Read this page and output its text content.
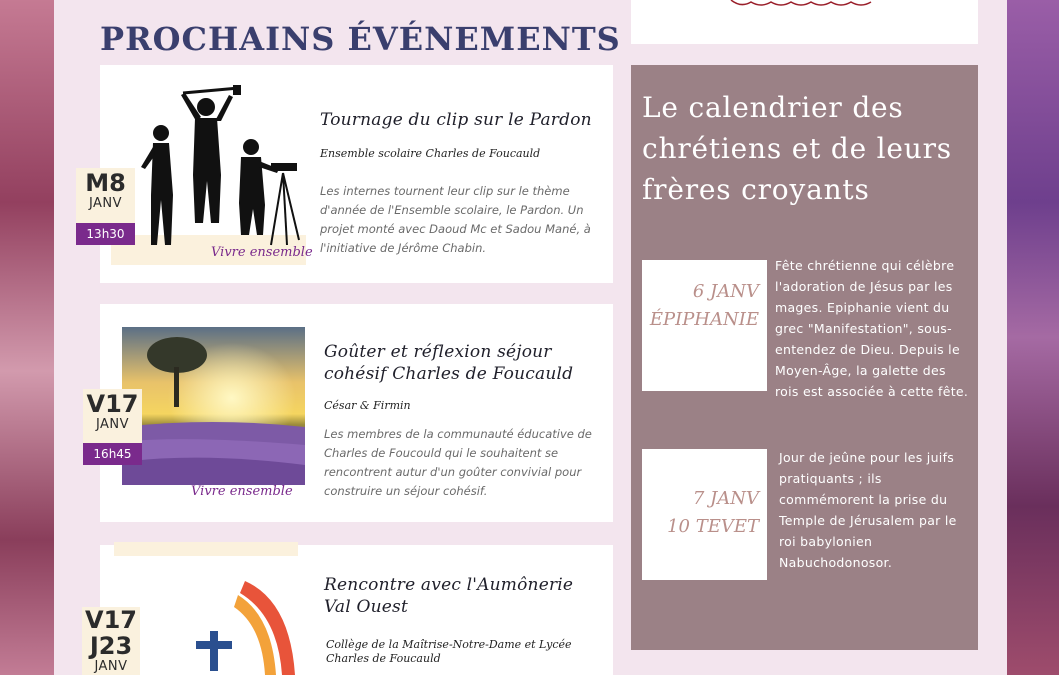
PROCHAINS ÉVÉNEMENTS
Vivre ensemble
Tournage du clip sur le Pardon
Ensemble scolaire Charles de Foucauld
Les internes tournent leur clip sur le thème d'année de l'Ensemble scolaire, le Pardon. Un projet monté avec Daoud Mc et Sadou Mané, à l'initiative de Jérôme Chabin.
M8
JANV
13h30
Vivre ensemble
Goûter et réflexion séjour cohésif Charles de Foucauld
César & Firmin
Les membres de la communauté éducative de Charles de Foucould qui le souhaitent se rencontrent autur d'un goûter convivial pour construire un séjour cohésif.
V17
JANV
16h45
Rencontre avec l'Aumônerie Val Ouest
Collège de la Maîtrise-Notre-Dame et Lycée Charles de Foucauld
V17
J23
JANV
Le calendrier des chrétiens et de leurs frères croyants
6 JANV
ÉPIPHANIE
Fête chrétienne qui célèbre l'adoration de Jésus par les mages. Epiphanie vient du grec "Manifestation", sous-entendez de Dieu. Depuis le Moyen-Âge, la galette des rois est associée à cette fête.
7 JANV
10 TEVET
Jour de jeûne pour les juifs pratiquants ; ils commémorent la prise du Temple de Jérusalem par le roi babylonien Nabuchodonosor.
